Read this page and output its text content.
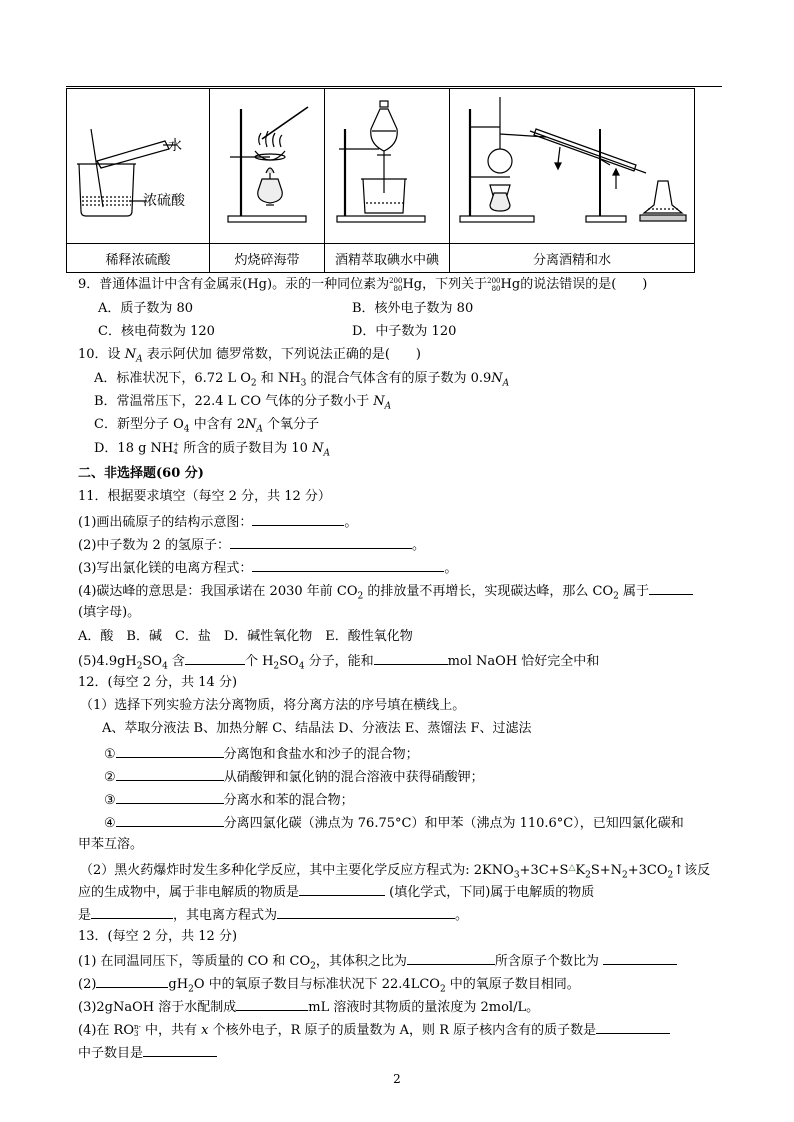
水
浓硫酸

稀释浓硫酸	灼烧碎海带	酒精萃取碘水中碘	分离酒精和水
9．普通体温计中含有金属汞(Hg)。汞的一种同位素为200
80Hg，下列关于200
80Hg的说法错误的是(　　)
A．质子数为 80	B．核外电子数为 80
C．核电荷数为 120	D．中子数为 120
10．设 $N_A$ 表示阿伏加 德罗常数，下列说法正确的是(　　)
A．标准状况下，6.72 L $O_2$ 和 $NH_3$ 的混合气体含有的原子数为 $0.9N_A$
B．常温常压下，22.4 L CO 气体的分子数小于 $N_A$
C．新型分子 $O_4$ 中含有 $2N_A$ 个氧分子
D．18 g NH+
4 所含的质子数目为 10 $N_A$
二、非选择题(60 分)
11．根据要求填空（每空 2 分，共 12 分）
(1)画出硫原子的结构示意图：	。
(2)中子数为 2 的氢原子：	。
(3)写出氯化镁的电离方程式：	。
(4)碳达峰的意思是：我国承诺在 2030 年前 $CO_2$ 的排放量不再增长，实现碳达峰，那么 $CO_2$ 属于
(填字母)。
A．酸　B．碱　C．盐　D．碱性氧化物　E．酸性氧化物
$(5)4.9gH_2SO_4$ 含	个 $H_2SO_4$ 分子，能和	mol NaOH 恰好完全中和
12．(每空 2 分，共 14 分)
（1）选择下列实验方法分离物质，将分离方法的序号填在横线上。
A、萃取分液法 B、加热分解 C、结晶法 D、分液法 E、蒸馏法 F、过滤法
①	分离饱和食盐水和沙子的混合物；
②	从硝酸钾和氯化钠的混合溶液中获得硝酸钾；
③	分离水和苯的混合物；
④	分离四氯化碳（沸点为 76.75°C）和甲苯（沸点为 110.6°C），已知四氯化碳和
甲苯互溶。
（2）黑火药爆炸时发生多种化学反应，其中主要化学反应方程式为: $2KNO_3+3C+S^\triangle K_2S+N_2+3CO_2↑$该反
应的生成物中，属于非电解质的物质是	(填化学式，下同)属于电解质的物质
是	，其电离方程式为	。
13．(每空 2 分，共 12 分)
(1) 在同温同压下，等质量的 CO 和 $CO_2$，其体积之比为	所含原子个数比为
(2)	$gH_2O$ 中的氧原子数目与标准状况下 $22.4LCO_2$ 中的氧原子数目相同。
(3)2gNaOH 溶于水配制成	mL 溶液时其物质的量浓度为 2mol/L。
(4)在 ROn-
3 中，共有 x 个核外电子，R 原子的质量数为 A，则 R 原子核内含有的质子数是
中子数目是
2
